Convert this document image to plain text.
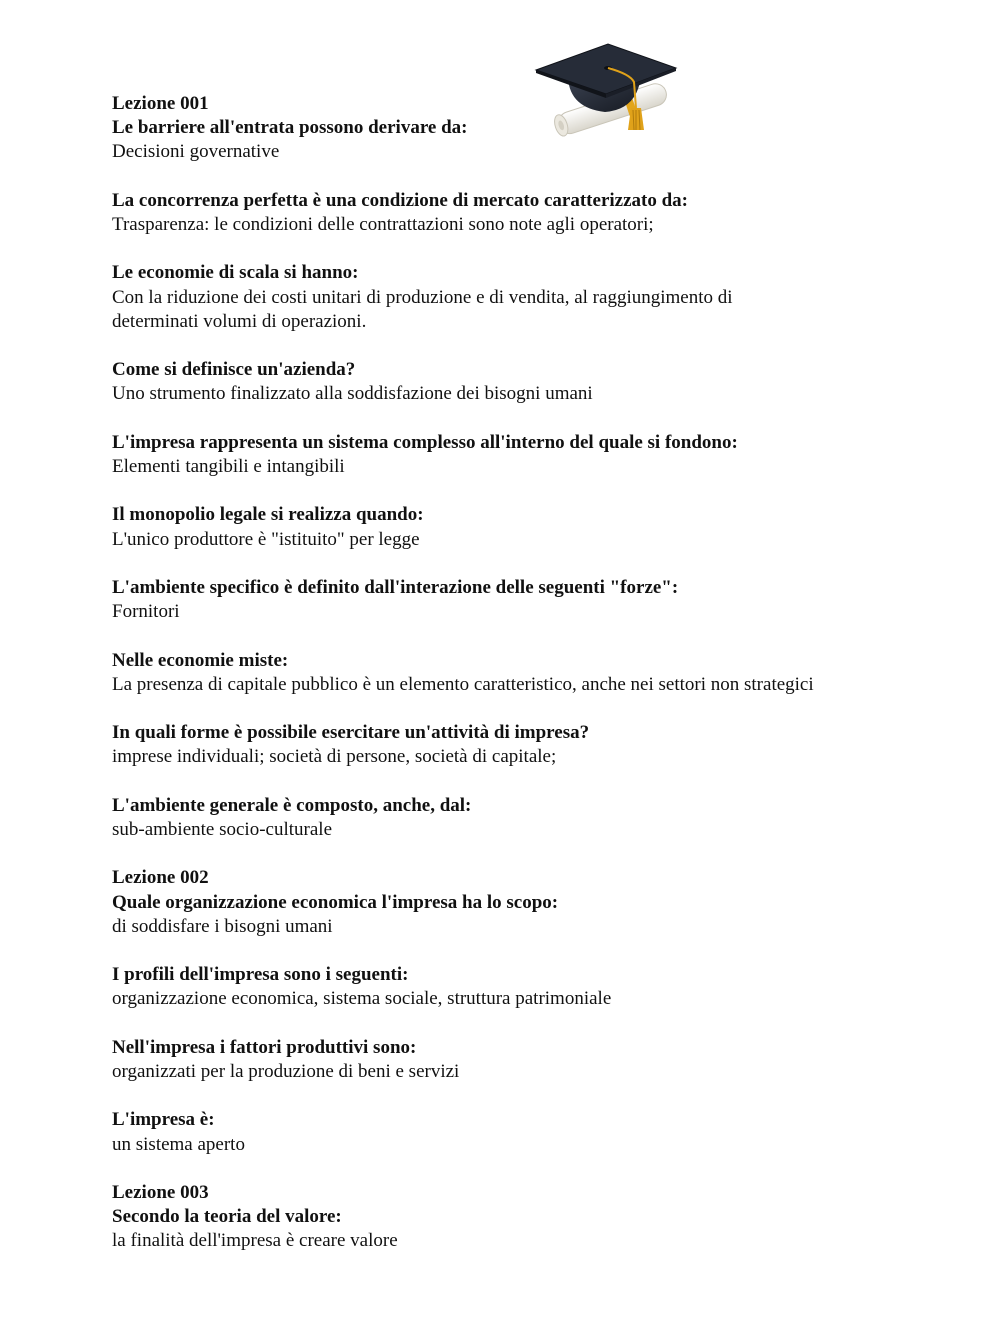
Lezione 001

Le barriere all'entrata possono derivare da:

Decisioni governative

La concorrenza perfetta è una condizione di mercato caratterizzato da:

Trasparenza: le condizioni delle contrattazioni sono note agli operatori;

Le economie di scala si hanno:

Con la riduzione dei costi unitari di produzione e di vendita, al raggiungimento di determinati volumi di operazioni.

Come si definisce un'azienda?

Uno strumento finalizzato alla soddisfazione dei bisogni umani

L'impresa rappresenta un sistema complesso all'interno del quale si fondono:

Elementi tangibili e intangibili

Il monopolio legale si realizza quando:

L'unico produttore è "istituito" per legge

L'ambiente specifico è definito dall'interazione delle seguenti "forze":

Fornitori

Nelle economie miste:

La presenza di capitale pubblico è un elemento caratteristico, anche nei settori non strategici

In quali forme è possibile esercitare un'attività di impresa?

imprese individuali; società di persone, società di capitale;

L'ambiente generale è composto, anche, dal:

sub-ambiente socio-culturale

Lezione 002

Quale organizzazione economica l'impresa ha lo scopo:

di soddisfare i bisogni umani

I profili dell'impresa sono i seguenti:

organizzazione economica, sistema sociale, struttura patrimoniale

Nell'impresa i fattori produttivi sono:

organizzati per la produzione di beni e servizi

L'impresa è:

un sistema aperto

Lezione 003

Secondo la teoria del valore:

la finalità dell'impresa è creare valore
